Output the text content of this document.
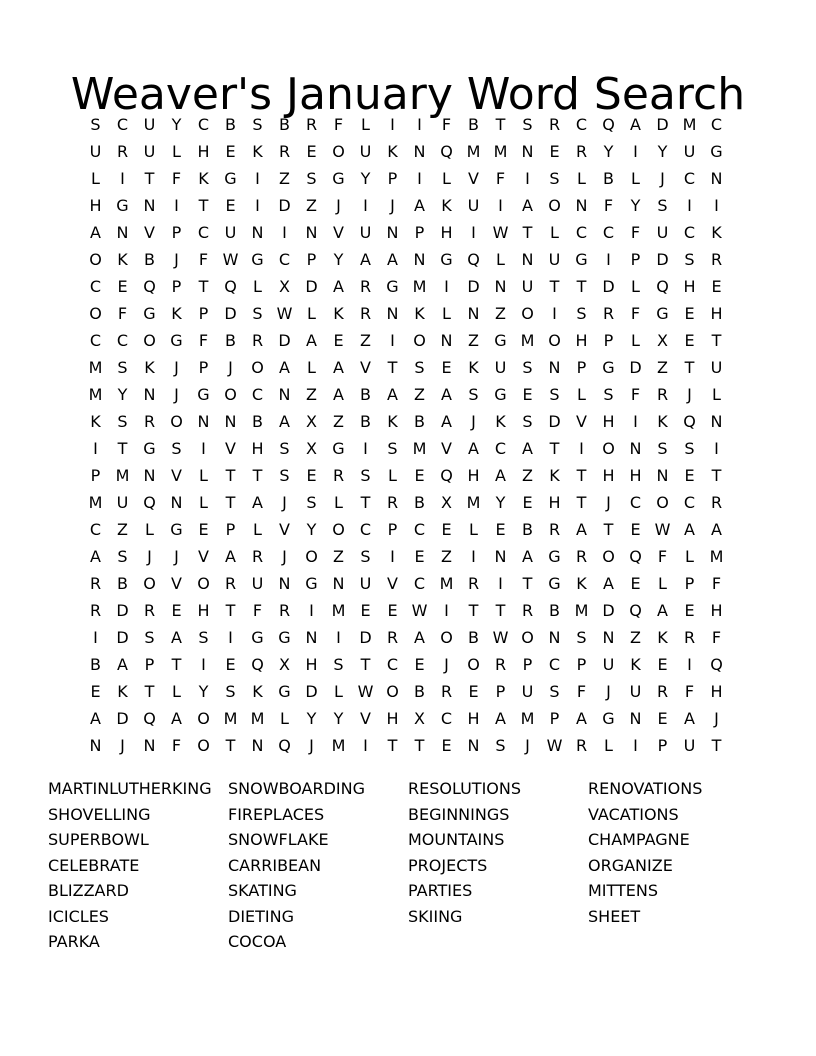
Weaver's January Word Search
S	C U	Y	C B	S	B R	F	L	I	I	F	B	T	S	R C Q A D M C
U R U	L	H E	K	R	E O U K N Q M M N E	R	Y	I	Y	U G
L	I	T	F	K G	I	Z	S G Y	P	I	L	V	F	I	S	L	B	L	J	C N
H G N	I	T	E	I	D Z	J	I	J	A	K U	I	A O N	F	Y	S	I	I
A N V	P	C U N	I	N V U N	P	H	I	W T	L	C C	F	U C	K
O K	B	J	F W G C	P	Y	A	A N G Q	L	N U G	I	P	D S	R
C	E Q P	T Q	L	X D A R G M	I	D N U	T	T D	L	Q H E
O	F	G K	P	D S W L	K	R N K	L	N Z O	I	S	R	F	G E H
C C O G	F	B R D A	E	Z	I	O N Z G M O H	P	L	X	E	T
M S	K	J	P	J	O A	L	A	V	T	S	E	K U	S N	P G D Z	T	U
M Y	N	J	G O C N Z	A	B	A	Z	A	S G E	S	L	S	F	R	J	L
K	S	R O N N B	A	X	Z	B	K	B	A	J	K	S D V H	I	K Q N
I	T G S	I	V H S	X G	I	S M V	A C A	T	I	O N S	S	I
P M N V	L	T	T	S	E	R	S	L	E Q H A	Z	K	T	H H N E	T
M U Q N	L	T	A	J	S	L	T	R B	X M Y	E H	T	J	C O C R
C Z	L	G E	P	L	V	Y O C	P	C	E	L	E	B R A	T	E W A	A
A	S	J	J	V	A R	J	O Z	S	I	E	Z	I	N A G R O Q	F	L M
R B O V O R U N G N U V C M R	I	T G K	A	E	L	P	F
R D R	E H	T	F	R	I	M E	E W	I	T	T	R B M D Q A	E H
I	D S	A	S	I	G G N	I	D R A O B W O N S N Z	K	R	F
B	A	P	T	I	E Q X H S	T	C	E	J	O R	P	C	P	U K	E	I	Q
E	K	T	L	Y	S	K G D	L W O B R	E	P	U	S	F	J	U R	F	H
A D Q A O M M L	Y	Y	V H X C H A M P	A G N E	A	J
N	J	N	F	O T	N Q	J	M	I	T	T	E N S	J	W R	L	I	P	U	T
MARTINLUTHERKING
SHOVELLING
SUPERBOWL
CELEBRATE
BLIZZARD
ICICLES
PARKA
SNOWBOARDING
FIREPLACES
SNOWFLAKE
CARRIBEAN
SKATING
DIETING
COCOA
RESOLUTIONS
BEGINNINGS
MOUNTAINS
PROJECTS
PARTIES
SKIING
RENOVATIONS
VACATIONS
CHAMPAGNE
ORGANIZE
MITTENS
SHEET
